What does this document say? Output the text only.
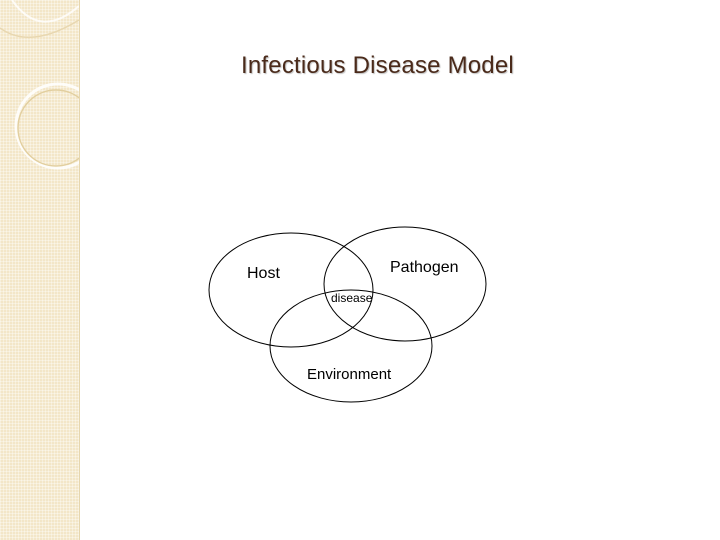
Infectious Disease Model
Host	Pathogen
disease
Environment
